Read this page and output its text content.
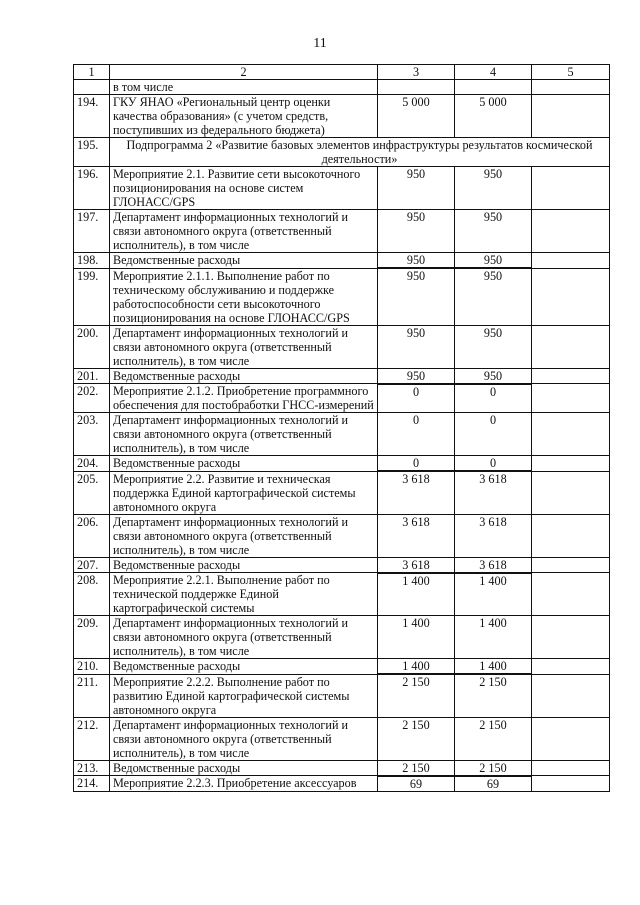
11
1	2	3	4	5
	в том числе			
194.	ГКУ ЯНАО «Региональный центр оценки качества образования» (с учетом средств, поступивших из федерального бюджета)	5 000	5 000	
195.	Подпрограмма 2 «Развитие базовых элементов инфраструктуры результатов космической деятельности»			
196.	Мероприятие 2.1. Развитие сети высокоточного позиционирования на основе систем ГЛОНАСС/GPS	950	950	
197.	Департамент информационных технологий и связи автономного округа (ответственный исполнитель), в том числе	950	950	
198.	Ведомственные расходы	950	950	
199.	Мероприятие 2.1.1. Выполнение работ по техническому обслуживанию и поддержке работоспособности сети высокоточного позиционирования на основе ГЛОНАСС/GPS	950	950	
200.	Департамент информационных технологий и связи автономного округа (ответственный исполнитель), в том числе	950	950	
201.	Ведомственные расходы	950	950	
202.	Мероприятие 2.1.2. Приобретение программного обеспечения для постобработки ГНСС-измерений	0	0	
203.	Департамент информационных технологий и связи автономного округа (ответственный исполнитель), в том числе	0	0	
204.	Ведомственные расходы	0	0	
205.	Мероприятие 2.2. Развитие и техническая поддержка Единой картографической системы автономного округа	3 618	3 618	
206.	Департамент информационных технологий и связи автономного округа (ответственный исполнитель), в том числе	3 618	3 618	
207.	Ведомственные расходы	3 618	3 618	
208.	Мероприятие 2.2.1. Выполнение работ по технической поддержке Единой картографической системы	1 400	1 400	
209.	Департамент информационных технологий и связи автономного округа (ответственный исполнитель), в том числе	1 400	1 400	
210.	Ведомственные расходы	1 400	1 400	
211.	Мероприятие 2.2.2. Выполнение работ по развитию Единой картографической системы автономного округа	2 150	2 150	
212.	Департамент информационных технологий и связи автономного округа (ответственный исполнитель), в том числе	2 150	2 150	
213.	Ведомственные расходы	2 150	2 150	
214.	Мероприятие 2.2.3. Приобретение аксессуаров	69	69	
